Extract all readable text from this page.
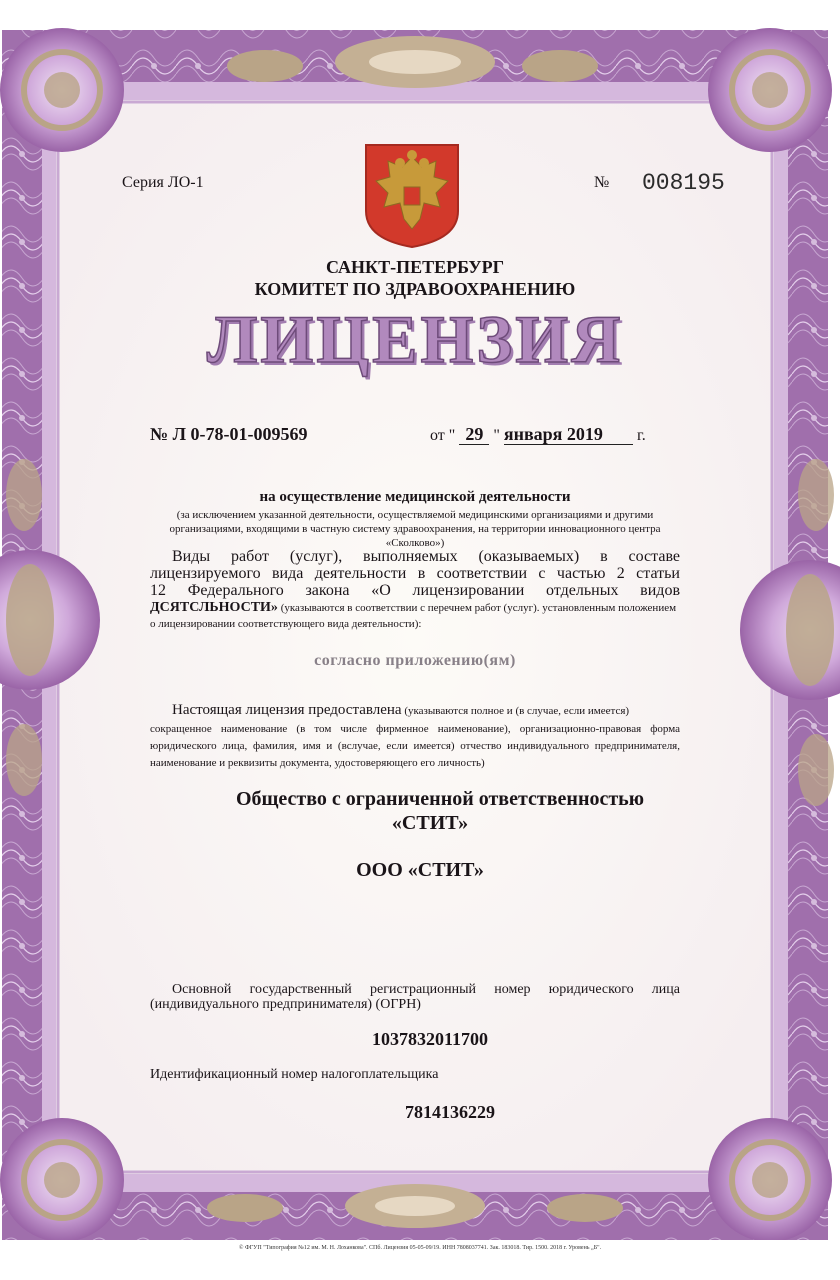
Серия ЛО-1	№ 008195
САНКТ-ПЕТЕРБУРГ
КОМИТЕТ ПО ЗДРАВООХРАНЕНИЮ
ЛИЦЕНЗИЯ
№ Л 0-78-01-009569	от " 29 " января 2019 г.
на осуществление медицинской деятельности
(за исключением указанной деятельности, осуществляемой медицинскими организациями и другими
организациями, входящими в частную систему здравоохранения, на территории инновационного центра
«Сколково»)
Виды работ (услуг), выполняемых (оказываемых) в составе
лицензируемого вида деятельности в соответствии с частью 2 статьи
12 Федерального закона «О лицензировании отдельных видов
ДСЯТСЛЬНОСТИ» (указываются в соответствии с перечнем работ (услуг). установленным положением
о лицензировании соответствующего вида деятельности):
согласно приложению(ям)
Настоящая лицензия предоставлена (указываются полное и (в случае, если имеется)
сокращенное наименование (в том числе фирменное наименование), организационно-правовая форма
юридического лица, фамилия, имя и (вслучае, если имеется) отчество индивидуального предпринимателя,
наименование и реквизиты документа, удостоверяющего его личность)
Общество с ограниченной ответственностью
«СТИТ»
ООО «СТИТ»
Основной государственный регистрационный номер юридического лица
(индивидуального предпринимателя) (ОГРН)
1037832011700
Идентификационный номер налогоплательщика
7814136229
© ФГУП "Типография №12 им. М. Н. Лоханкова". СПб. Лицензия 05-05-09/19. ИНН 7808037741. Зак. 183018. Тир. 1500. 2018 г. Уровень „Б".
